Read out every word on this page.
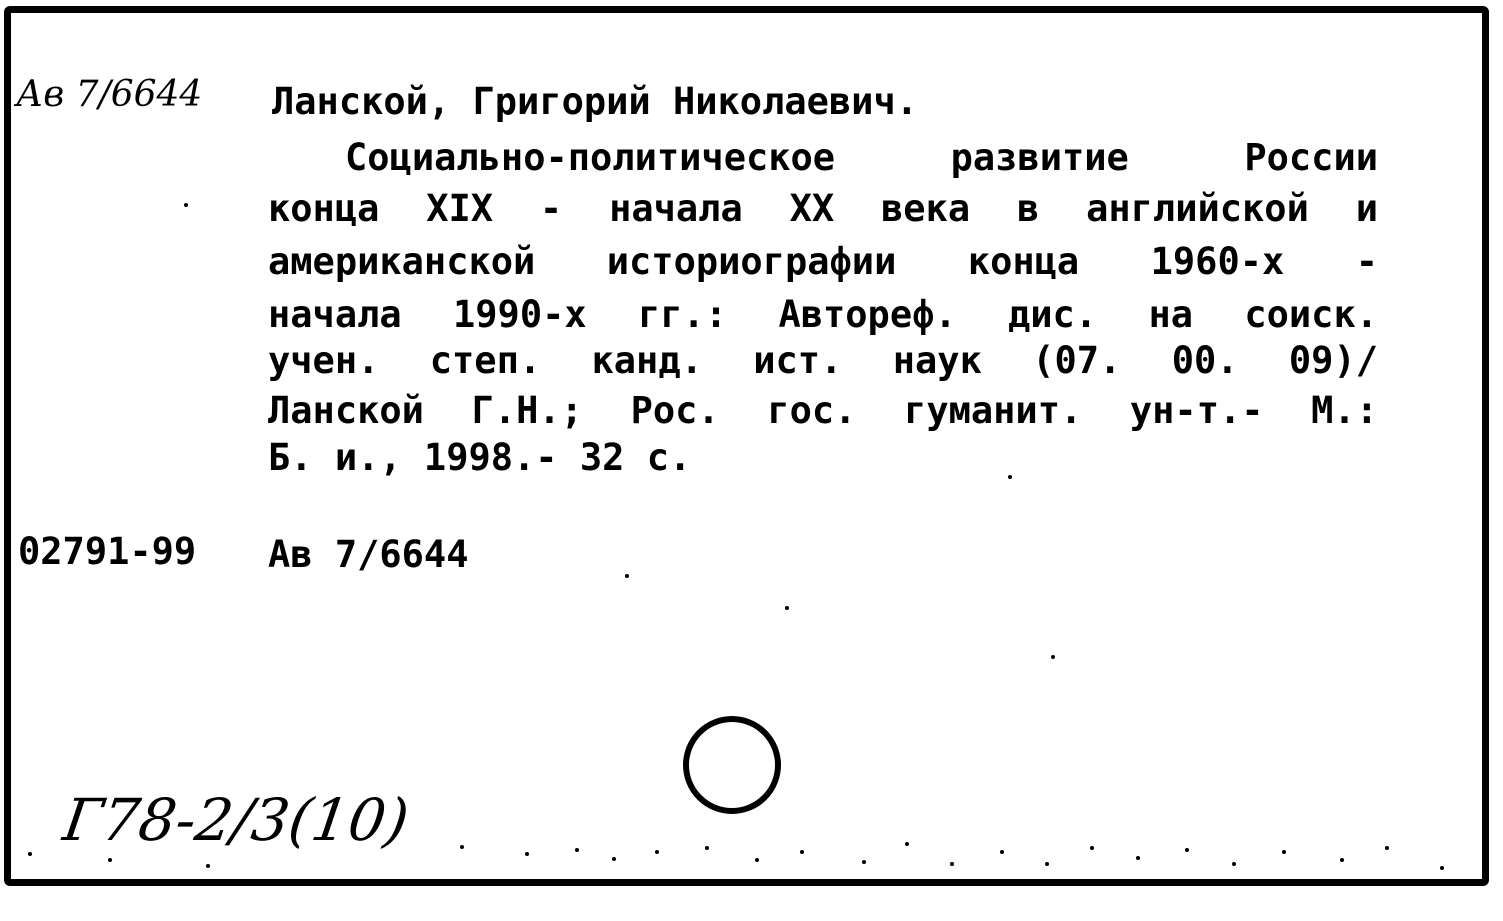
Ав 7/6644 Ланской, Григорий Николаевич.
Социально-политическое развитие России
конца XIX - начала XX века в английской и
американской историографии конца 1960-х -
начала 1990-х гг.: Автореф. дис. на соиск.
учен. степ. канд. ист. наук (07. 00. 09)/
Ланской Г.Н.; Рос. гос. гуманит. ун-т.- М.:
Б. и., 1998.- 32 с.
02791-99 Ав 7/6644
Г78-2/3(10)
